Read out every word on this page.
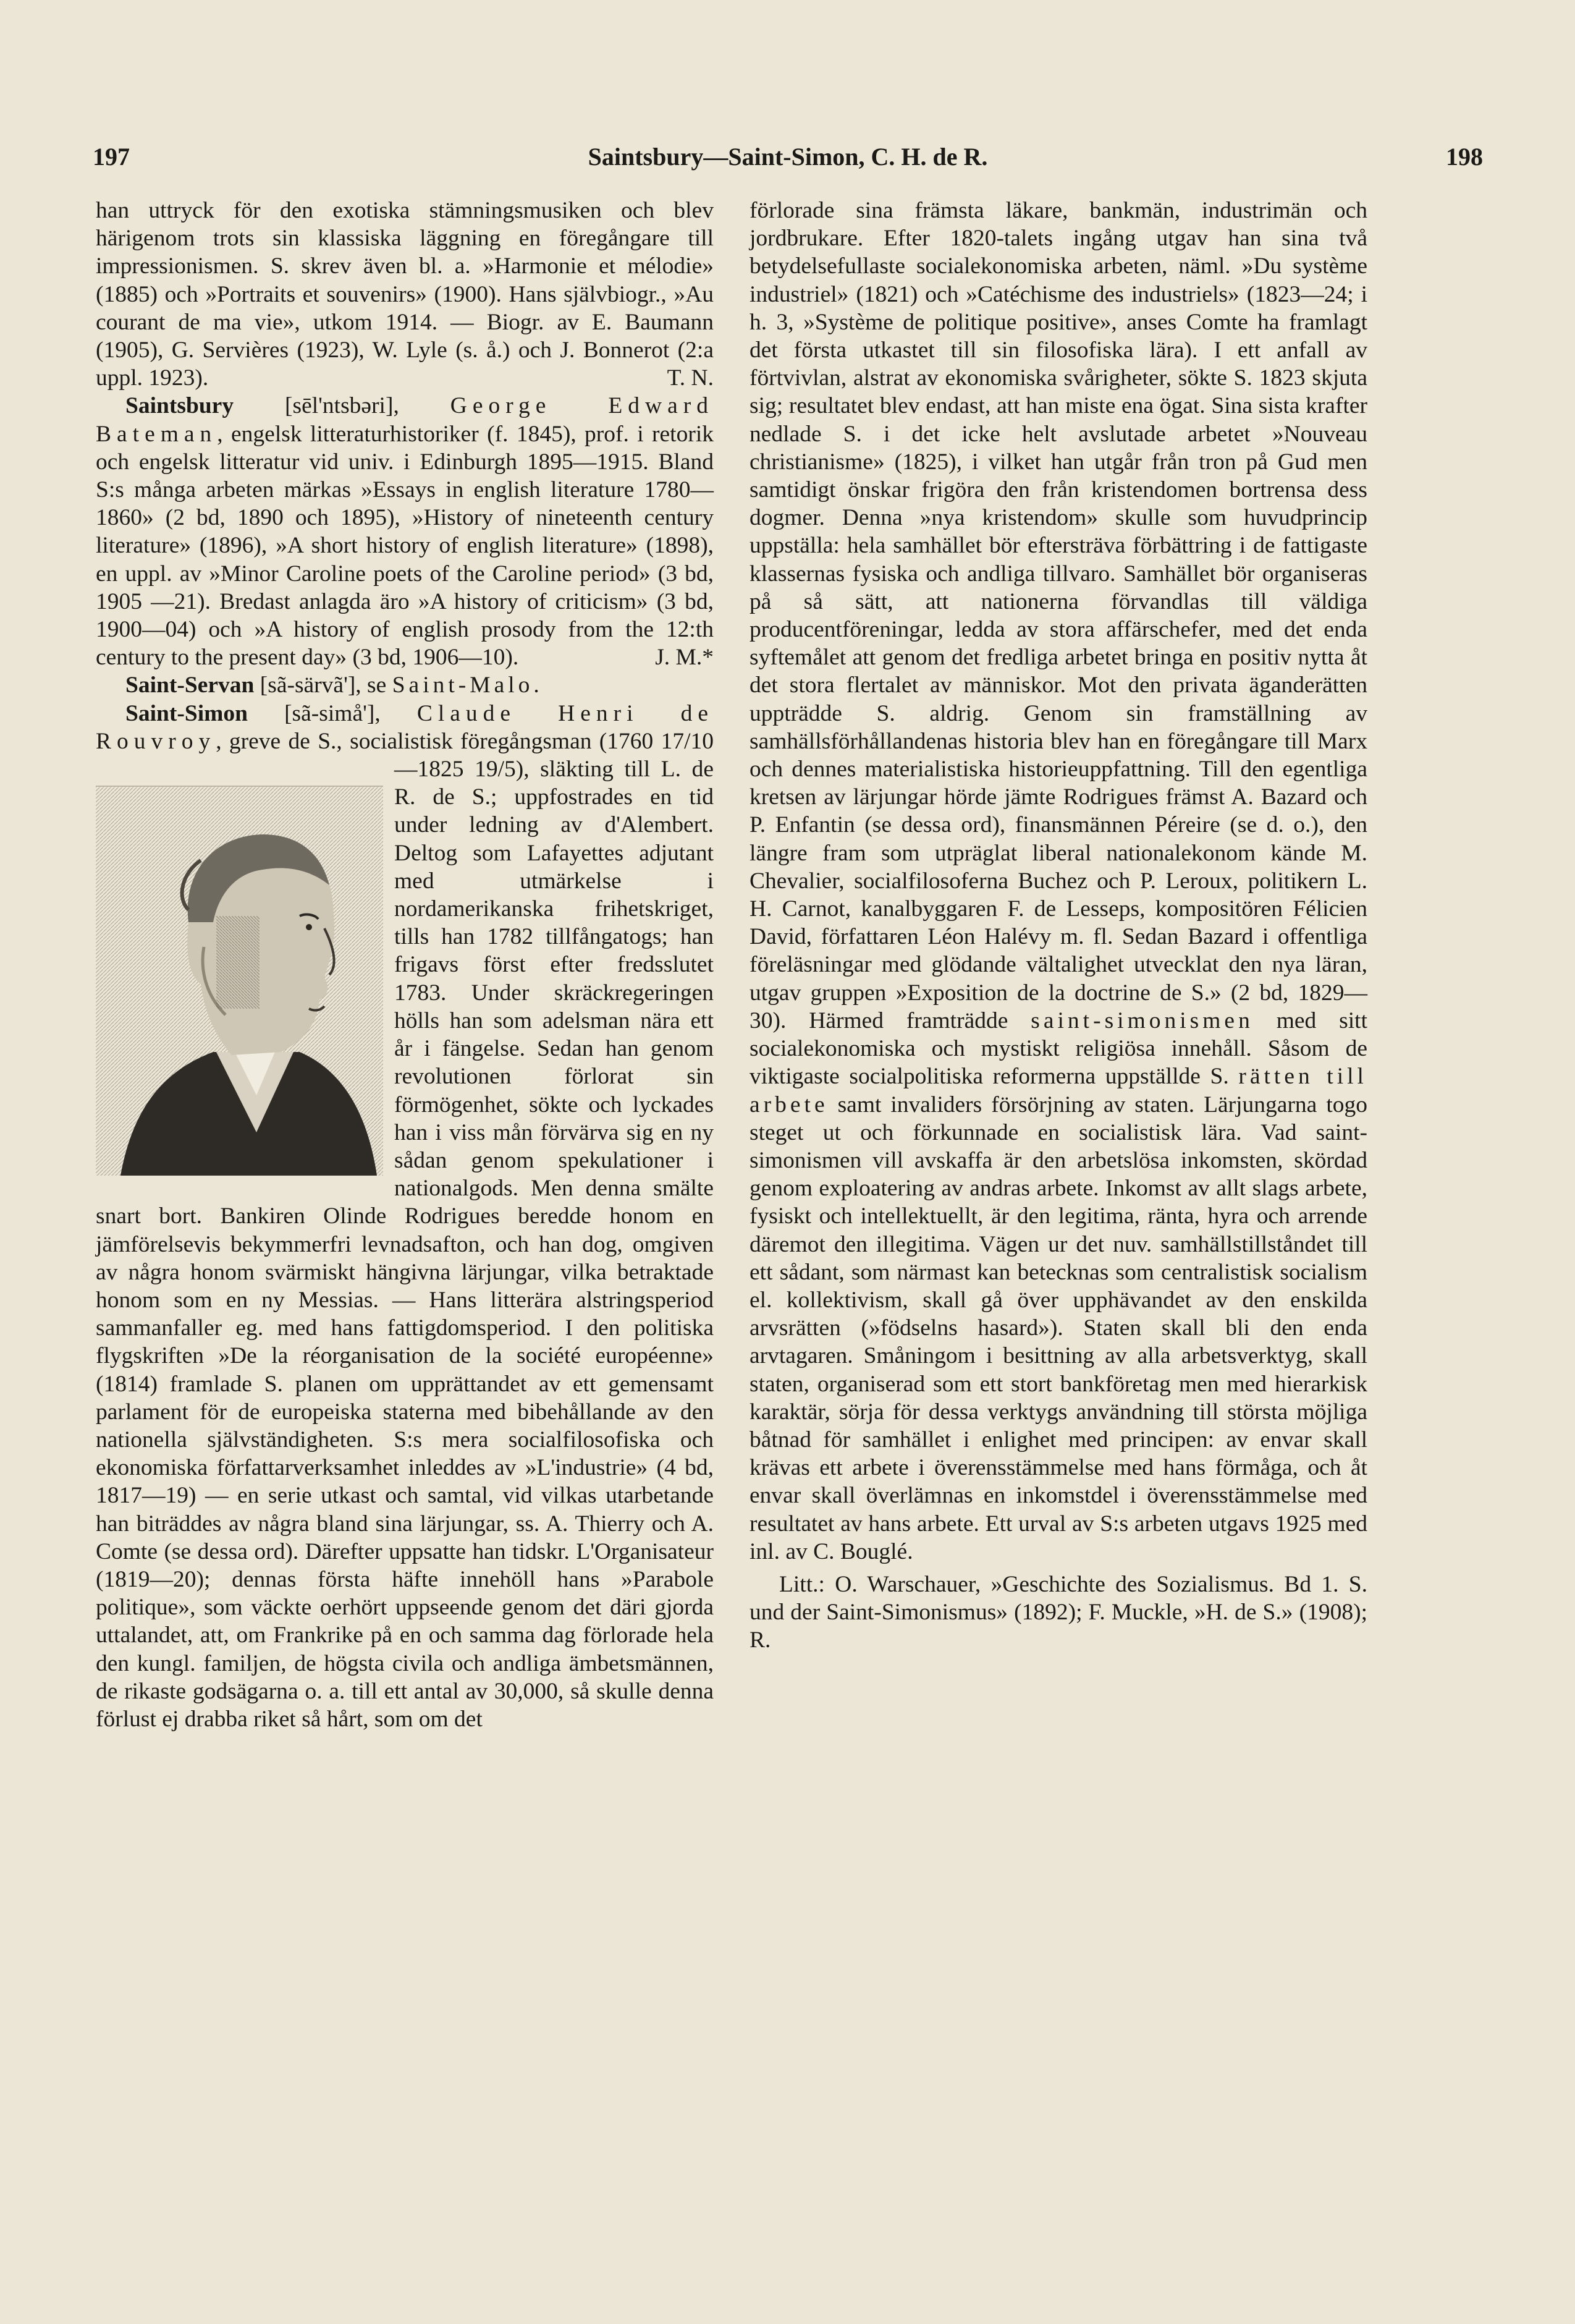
197	Saintsbury—Saint-Simon, C. H. de R.	198

han uttryck för den exotiska stämningsmusiken och blev härigenom trots sin klassiska läggning en föregångare till impressionismen. S. skrev även bl. a. »Harmonie et mélodie» (1885) och »Portraits et souvenirs» (1900). Hans självbiogr., »Au courant de ma vie», utkom 1914. — Biogr. av E. Baumann (1905), G. Servières (1923), W. Lyle (s. å.) och J. Bonnerot (2:a uppl. 1923).	T. N.

Saintsbury [sēl'ntsbəri], George Edward Bateman, engelsk litteraturhistoriker (f. 1845), prof. i retorik och engelsk litteratur vid univ. i Edinburgh 1895—1915. Bland S:s många arbeten märkas »Essays in english literature 1780—1860» (2 bd, 1890 och 1895), »History of nineteenth century literature» (1896), »A short history of english literature» (1898), en uppl. av »Minor Caroline poets of the Caroline period» (3 bd, 1905 —21). Bredast anlagda äro »A history of criticism» (3 bd, 1900—04) och »A history of english prosody from the 12:th century to the present day» (3 bd, 1906—10).	J. M.*

Saint-Servan [sã-särvã'], se Saint-Malo.

Saint-Simon [sã-simå'], Claude Henri de Rouvroy, greve de S., socialistisk föregångsman (1760 17/10—1825 19/5
), släkting till L. de R. de S.; uppfostrades en tid under ledning av d'Alembert. Deltog som Lafayettes adjutant med utmärkelse i nordamerikanska frihetskriget, tills han 1782 tillfångatogs; han frigavs först efter fredsslutet 1783. Under skräckregeringen hölls han som adelsman nära ett år i fängelse. Sedan han genom revolutionen förlorat sin förmögenhet, sökte och lyckades han i viss mån förvärva sig en ny sådan genom spekulationer i nationalgods. Men denna smälte snart bort. Bankiren Olinde Rodrigues beredde honom en jämförelsevis bekymmerfri levnadsafton, och han dog, omgiven av några honom svärmiskt hängivna lärjungar, vilka betraktade honom som en ny Messias. — Hans litterära alstringsperiod sammanfaller eg. med hans fattigdomsperiod. I den politiska flygskriften »De la réorganisation de la société européenne» (1814) framlade S. planen om upprättandet av ett gemensamt parlament för de europeiska staterna med bibehållande av den nationella självständigheten. S:s mera socialfilosofiska och ekonomiska författarverksamhet inleddes av »L'industrie» (4 bd, 1817—19) — en serie utkast och samtal, vid vilkas utarbetande han biträddes av några bland sina lärjungar, ss. A. Thierry och A. Comte (se dessa ord). Därefter uppsatte han tidskr. L'Organisateur (1819—20); dennas första häfte innehöll hans »Parabole politique», som väckte oerhört uppseende genom det däri gjorda uttalandet, att, om Frankrike på en och samma dag förlorade hela den kungl. familjen, de högsta civila och andliga ämbetsmännen, de rikaste godsägarna o. a. till ett antal av 30,000, så skulle denna förlust ej drabba riket så hårt, som om det

förlorade sina främsta läkare, bankmän, industrimän och jordbrukare. Efter 1820-talets ingång utgav han sina två betydelsefullaste socialekonomiska arbeten, näml. »Du système industriel» (1821) och »Catéchisme des industriels» (1823—24; i h. 3, »Système de politique positive», anses Comte ha framlagt det första utkastet till sin filosofiska lära). I ett anfall av förtvivlan, alstrat av ekonomiska svårigheter, sökte S. 1823 skjuta sig; resultatet blev endast, att han miste ena ögat. Sina sista krafter nedlade S. i det icke helt avslutade arbetet »Nouveau christianisme» (1825), i vilket han utgår från tron på Gud men samtidigt önskar frigöra den från kristendomen bortrensa dess dogmer. Denna »nya kristendom» skulle som huvudprincip uppställa: hela samhället bör eftersträva förbättring i de fattigaste klassernas fysiska och andliga tillvaro. Samhället bör organiseras på så sätt, att nationerna förvandlas till väldiga producentföreningar, ledda av stora affärschefer, med det enda syftemålet att genom det fredliga arbetet bringa en positiv nytta åt det stora flertalet av människor. Mot den privata äganderätten uppträdde S. aldrig. Genom sin framställning av samhällsförhållandenas historia blev han en föregångare till Marx och dennes materialistiska historieuppfattning. Till den egentliga kretsen av lärjungar hörde jämte Rodrigues främst A. Bazard och P. Enfantin (se dessa ord), finansmännen Péreire (se d. o.), den längre fram som utpräglat liberal nationalekonom kände M. Chevalier, socialfilosoferna Buchez och P. Leroux, politikern L. H. Carnot, kanalbyggaren F. de Lesseps, kompositören Félicien David, författaren Léon Halévy m. fl. Sedan Bazard i offentliga föreläsningar med glödande vältalighet utvecklat den nya läran, utgav gruppen »Exposition de la doctrine de S.» (2 bd, 1829—30). Härmed framträdde saint-simonismen med sitt socialekonomiska och mystiskt religiösa innehåll. Såsom de viktigaste socialpolitiska reformerna uppställde S. rätten till arbete samt invaliders försörjning av staten. Lärjungarna togo steget ut och förkunnade en socialistisk lära. Vad saint-simonismen vill avskaffa är den arbetslösa inkomsten, skördad genom exploatering av andras arbete. Inkomst av allt slags arbete, fysiskt och intellektuellt, är den legitima, ränta, hyra och arrende däremot den illegitima. Vägen ur det nuv. samhällstillståndet till ett sådant, som närmast kan betecknas som centralistisk socialism el. kollektivism, skall gå över upphävandet av den enskilda arvsrätten (»födselns hasard»). Staten skall bli den enda arvtagaren. Småningom i besittning av alla arbetsverktyg, skall staten, organiserad som ett stort bankföretag men med hierarkisk karaktär, sörja för dessa verktygs användning till största möjliga båtnad för samhället i enlighet med principen: av envar skall krävas ett arbete i överensstämmelse med hans förmåga, och åt envar skall överlämnas en inkomstdel i överensstämmelse med resultatet av hans arbete. Ett urval av S:s arbeten utgavs 1925 med inl. av C. Bouglé.

Litt.: O. Warschauer, »Geschichte des Sozialismus. Bd 1. S. und der Saint-Simonismus» (1892); F. Muckle, »H. de S.» (1908); R.
